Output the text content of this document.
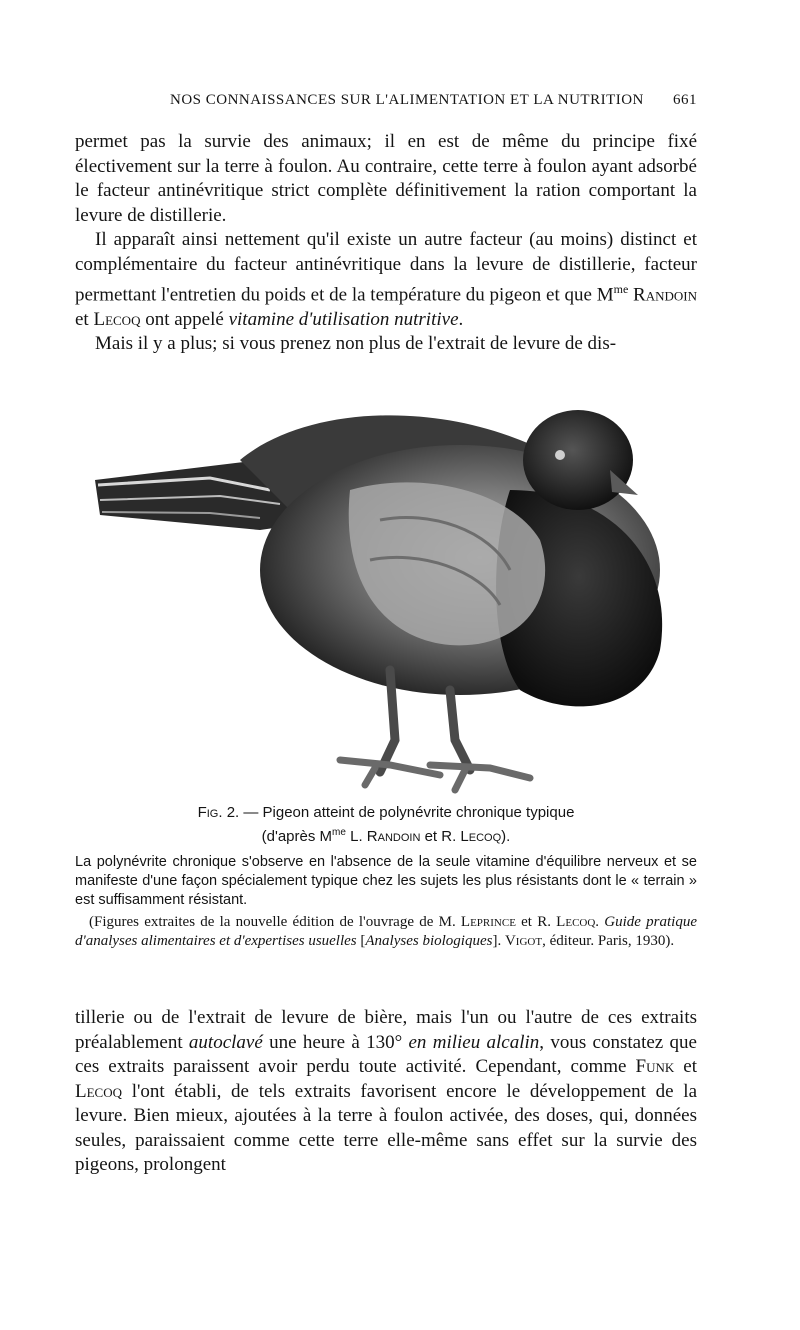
NOS CONNAISSANCES SUR L'ALIMENTATION ET LA NUTRITION 661

permet pas la survie des animaux; il en est de même du principe fixé électivement sur la terre à foulon. Au contraire, cette terre à foulon ayant adsorbé le facteur antinévritique strict complète définitivement la ration comportant la levure de distillerie.

Il apparaît ainsi nettement qu'il existe un autre facteur (au moins) distinct et complémentaire du facteur antinévritique dans la levure de distillerie, facteur permettant l'entretien du poids et de la température du pigeon et que $M^{me}$ Randoin et Lecoq ont appelé vitamine d'utilisation nutritive.

Mais il y a plus; si vous prenez non plus de l'extrait de levure de dis-

Fig. 2. — Pigeon atteint de polynévrite chronique typique

(d'après $M^{me}$ L. Randoin et R. Lecoq).

La polynévrite chronique s'observe en l'absence de la seule vitamine d'équilibre nerveux et se manifeste d'une façon spécialement typique chez les sujets les plus résistants dont le « terrain » est suffisamment résistant.

(Figures extraites de la nouvelle édition de l'ouvrage de M. Leprince et R. Lecoq. Guide pratique d'analyses alimentaires et d'expertises usuelles [Analyses biologiques]. Vigot, éditeur. Paris, 1930).

tillerie ou de l'extrait de levure de bière, mais l'un ou l'autre de ces extraits préalablement autoclavé une heure à 130° en milieu alcalin, vous constatez que ces extraits paraissent avoir perdu toute activité. Cependant, comme Funk et Lecoq l'ont établi, de tels extraits favorisent encore le développement de la levure. Bien mieux, ajoutées à la terre à foulon activée, des doses, qui, données seules, paraissaient comme cette terre elle-même sans effet sur la survie des pigeons, prolongent
